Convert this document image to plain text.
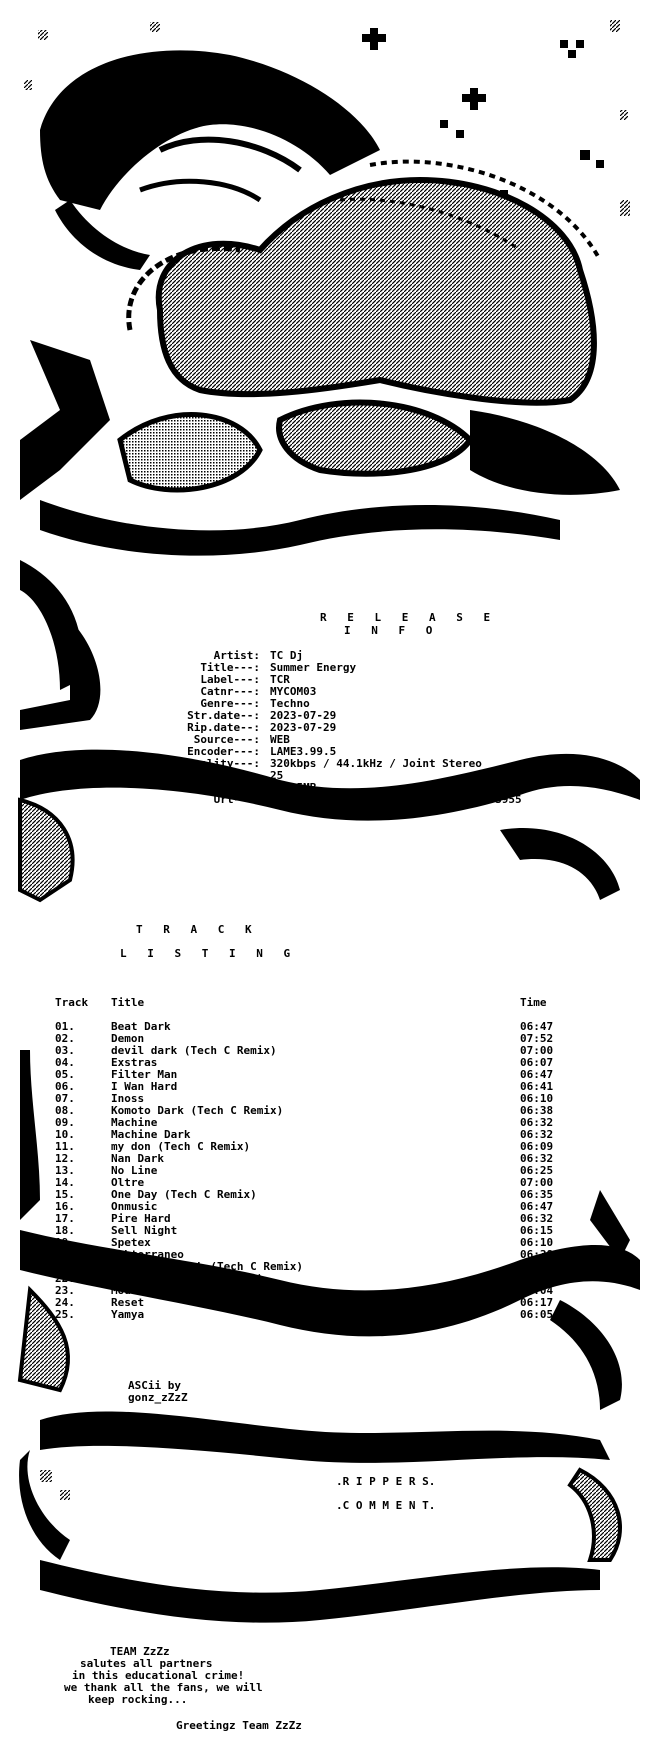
R E L E A S E
I N F O
Artist: TC Dj
Title---: Summer Energy
Label---: TCR
Catnr---: MYCOM03
Genre---: Techno
Str.date--: 2023-07-29
Rip.date--: 2023-07-29
Source---: WEB
Encoder---: LAME3.99.5
Quality---: 320kbps / 44.1kHz / Joint Stereo
Tracks---: 25
Size---: 375.5MB
Url---: https://www.deezer.com/album/458853955
T R A C K
L I S T I N G
Track Title	Time
01.	Beat Dark	06:47
02.	Demon	07:52
03.	devil dark (Tech C Remix)	07:00
04.	Exstras	06:07
05.	Filter Man	06:47
06.	I Wan Hard	06:41
07.	Inoss	06:10
08.	Komoto Dark (Tech C Remix)	06:38
09.	Machine	06:32
10.	Machine Dark	06:32
11.	my don (Tech C Remix)	06:09
12.	Nan Dark	06:32
13.	No Line	06:25
14.	Oltre	07:00
15.	One Day (Tech C Remix)	06:35
16.	Onmusic	06:47
17.	Pire Hard	06:32
18.	Sell Night	06:15
19.	Spetex	06:10
20.	Subterraneo	06:38
21.	tengo rum dark (Tech C Remix)	06:38
22.	Zoo Darl (Tech C Remix)	06:38
23.	Moud	06:04
24.	Reset	06:17
25.	Yamya	06:05
ASCii by
gonz_zZzZ
.R I P P E R S.
.C O M M E N T.
TEAM ZzZz
salutes all partners
in this educational crime!
we thank all the fans, we will
keep rocking...
Greetingz Team ZzZz
